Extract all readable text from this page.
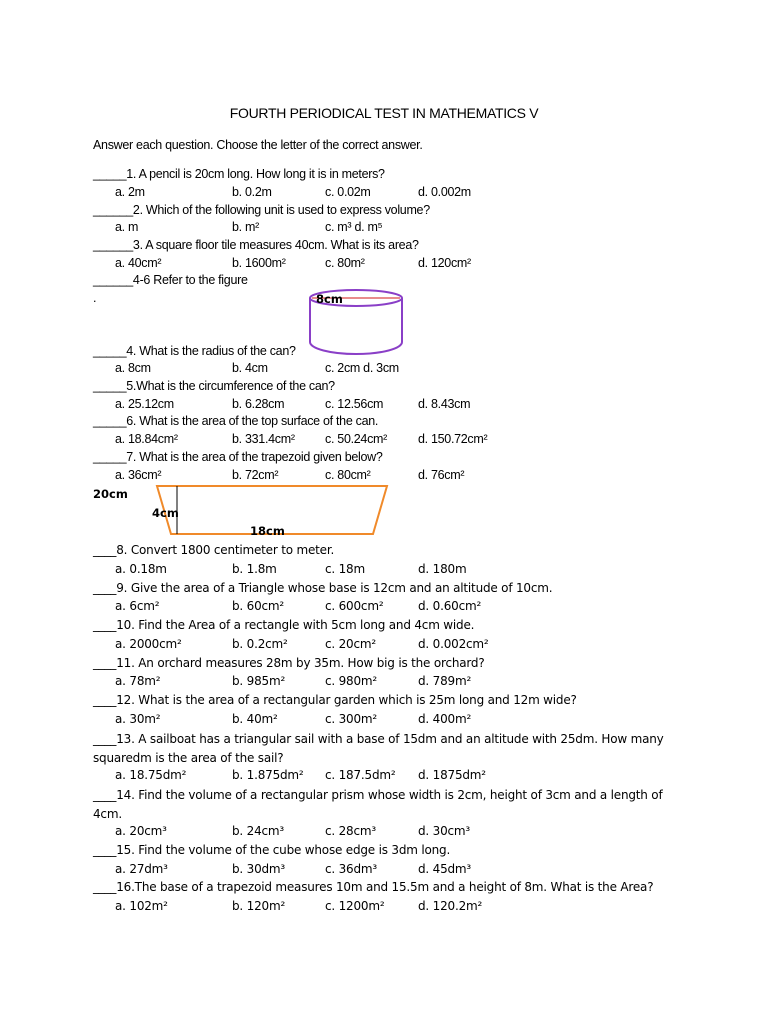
FOURTH PERIODICAL TEST IN MATHEMATICS V
Answer each question. Choose the letter of the correct answer.
_____1. A pencil is 20cm long. How long it is in meters?
a. 2m	b. 0.2m	c. 0.02m	d. 0.002m
______2. Which of the following unit is used to express volume?
a. m	b. m²	c. m³ d. m⁵
______3. A square floor tile measures 40cm. What is its area?
a. 40cm²	b. 1600m²	c. 80m²	d. 120cm²
______4-6 Refer to the figure
.	8cm
_____4. What is the radius of the can?
a. 8cm	b. 4cm	c. 2cm d. 3cm
_____5.What is the circumference of the can?
a. 25.12cm	b. 6.28cm	c. 12.56cm	d. 8.43cm
_____6. What is the area of the top surface of the can.
a. 18.84cm²	b. 331.4cm² c. 50.24cm² d. 150.72cm²
_____7. What is the area of the trapezoid given below?
a. 36cm²	b. 72cm²	c. 80cm²	d. 76cm²
20cm
4cm
18cm
____8. Convert 1800 centimeter to meter.
a. 0.18m	b. 1.8m	c. 18m	d. 180m
____9. Give the area of a Triangle whose base is 12cm and an altitude of 10cm.
a. 6cm²	b. 60cm²	c. 600cm²	d. 0.60cm²
____10. Find the Area of a rectangle with 5cm long and 4cm wide.
a. 2000cm²	b. 0.2cm²	c. 20cm²	d. 0.002cm²
____11. An orchard measures 28m by 35m. How big is the orchard?
a. 78m²	b. 985m²	c. 980m²	d. 789m²
____12. What is the area of a rectangular garden which is 25m long and 12m wide?
a. 30m²	b. 40m²	c. 300m²	d. 400m²
____13. A sailboat has a triangular sail with a base of 15dm and an altitude with 25dm. How many squaredm is the area of the sail?
a. 18.75dm²	b. 1.875dm² c. 187.5dm² d. 1875dm²
____14. Find the volume of a rectangular prism whose width is 2cm, height of 3cm and a length of 4cm.
a. 20cm³	b. 24cm³	c. 28cm³	d. 30cm³
____15. Find the volume of the cube whose edge is 3dm long.
a. 27dm³	b. 30dm³	c. 36dm³	d. 45dm³
____16.The base of a trapezoid measures 10m and 15.5m and a height of 8m. What is the Area?
a. 102m²	b. 120m²	c. 1200m²	d. 120.2m²
